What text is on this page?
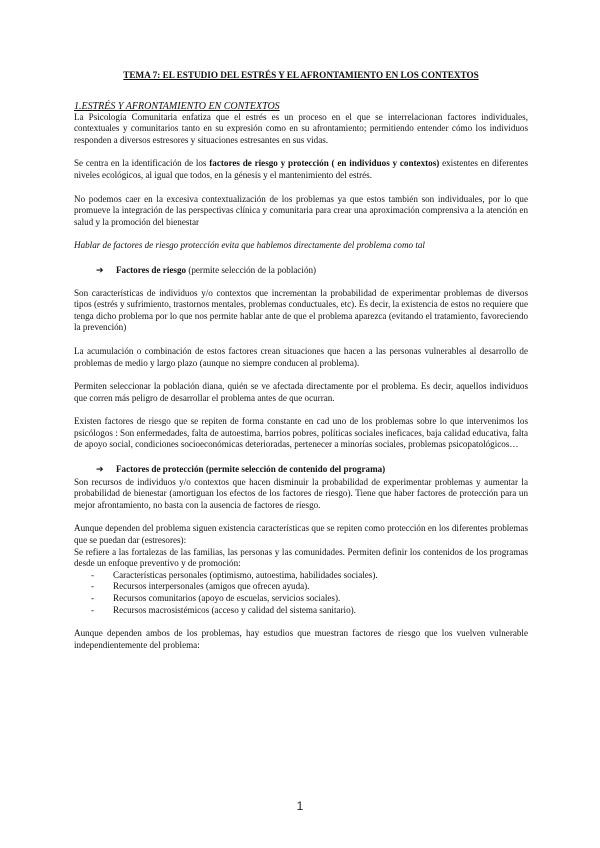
TEMA 7: EL ESTUDIO DEL ESTRÉS Y EL AFRONTAMIENTO EN LOS CONTEXTOS
1.ESTRÉS Y AFRONTAMIENTO EN CONTEXTOS

La Psicología Comunitaria enfatiza que el estrés es un proceso en el que se interrelacionan factores individuales, contextuales y comunitarios tanto en su expresión como en su afrontamiento; permitiendo entender cómo los individuos responden a diversos estresores y situaciones estresantes en sus vidas.

Se centra en la identificación de los factores de riesgo y protección ( en individuos y contextos) existentes en diferentes niveles ecológicos, al igual que todos, en la génesis y el mantenimiento del estrés.

No podemos caer en la excesiva contextualización de los problemas ya que estos también son individuales, por lo que promueve la integración de las perspectivas clínica y comunitaria para crear una aproximación comprensiva a la atención en salud y la promoción del bienestar

Hablar de factores de riesgo protección evita que hablemos directamente del problema como tal

➔ Factores de riesgo (permite selección de la población)

Son características de individuos y/o contextos que incrementan la probabilidad de experimentar problemas de diversos tipos (estrés y sufrimiento, trastornos mentales, problemas conductuales, etc). Es decir, la existencia de estos no requiere que tenga dicho problema por lo que nos permite hablar ante de que el problema aparezca (evitando el tratamiento, favoreciendo la prevención)

La acumulación o combinación de estos factores crean situaciones que hacen a las personas vulnerables al desarrollo de problemas de medio y largo plazo (aunque no siempre conducen al problema).

Permiten seleccionar la población diana, quién se ve afectada directamente por el problema. Es decir, aquellos individuos que corren más peligro de desarrollar el problema antes de que ocurran.

Existen factores de riesgo que se repiten de forma constante en cad uno de los problemas sobre lo que intervenimos los psicólogos : Son enfermedades, falta de autoestima, barrios pobres, políticas sociales ineficaces, baja calidad educativa, falta de apoyo social, condiciones socioeconómicas deterioradas, pertenecer a minorías sociales, problemas psicopatológicos…

➔ Factores de protección (permite selección de contenido del programa)

Son recursos de individuos y/o contextos que hacen disminuir la probabilidad de experimentar problemas y aumentar la probabilidad de bienestar (amortiguan los efectos de los factores de riesgo). Tiene que haber factores de protección para un mejor afrontamiento, no basta con la ausencia de factores de riesgo.

Aunque dependen del problema siguen existencia características que se repiten como protección en los diferentes problemas que se puedan dar (estresores):

Se refiere a las fortalezas de las familias, las personas y las comunidades. Permiten definir los contenidos de los programas desde un enfoque preventivo y de promoción:

- Características personales (optimismo, autoestima, habilidades sociales).
- Recursos interpersonales (amigos que ofrecen ayuda).
- Recursos comunitarios (apoyo de escuelas, servicios sociales).
- Recursos macrosistémicos (acceso y calidad del sistema sanitario).

Aunque dependen ambos de los problemas, hay estudios que muestran factores de riesgo que los vuelven vulnerable independientemente del problema:

1
